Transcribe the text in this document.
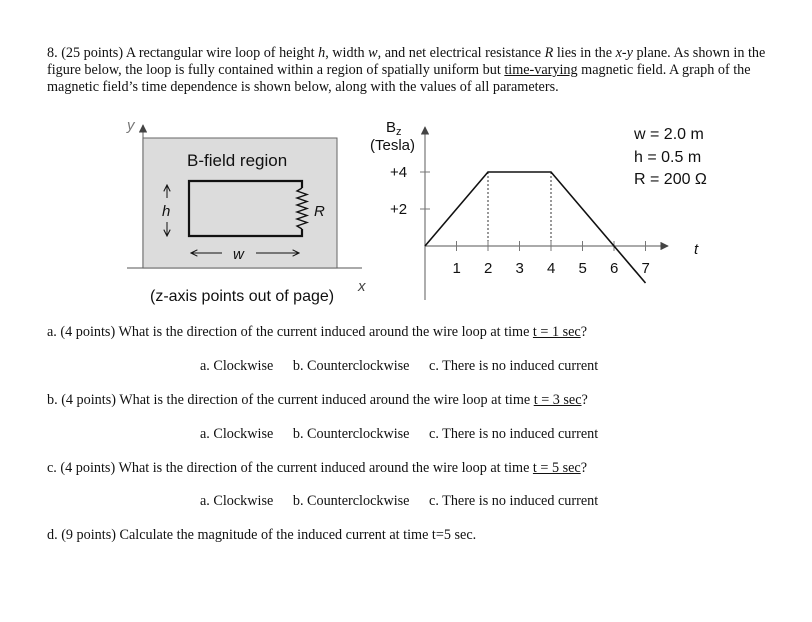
8. (25 points) A rectangular wire loop of height h, width w, and net electrical resistance R lies in the x-y plane. As shown in the figure below, the loop is fully contained within a region of spatially uniform but time-varying magnetic field. A graph of the magnetic field’s time dependence is shown below, along with the values of all parameters.
y
x
B-field region
R
h
w
(z-axis points out of page)
$B_z$
(Tesla)
t
1 2 3 4 5 6 7
+4
+2
w = 2.0 m
h = 0.5 m
R = 200 Ω
a. (4 points) What is the direction of the current induced around the wire loop at time t = 1 sec?
a. Clockwise b. Counterclockwise c. There is no induced current
b. (4 points) What is the direction of the current induced around the wire loop at time t = 3 sec?
a. Clockwise b. Counterclockwise c. There is no induced current
c. (4 points) What is the direction of the current induced around the wire loop at time t = 5 sec?
a. Clockwise b. Counterclockwise c. There is no induced current
d. (9 points) Calculate the magnitude of the induced current at time t=5 sec.
